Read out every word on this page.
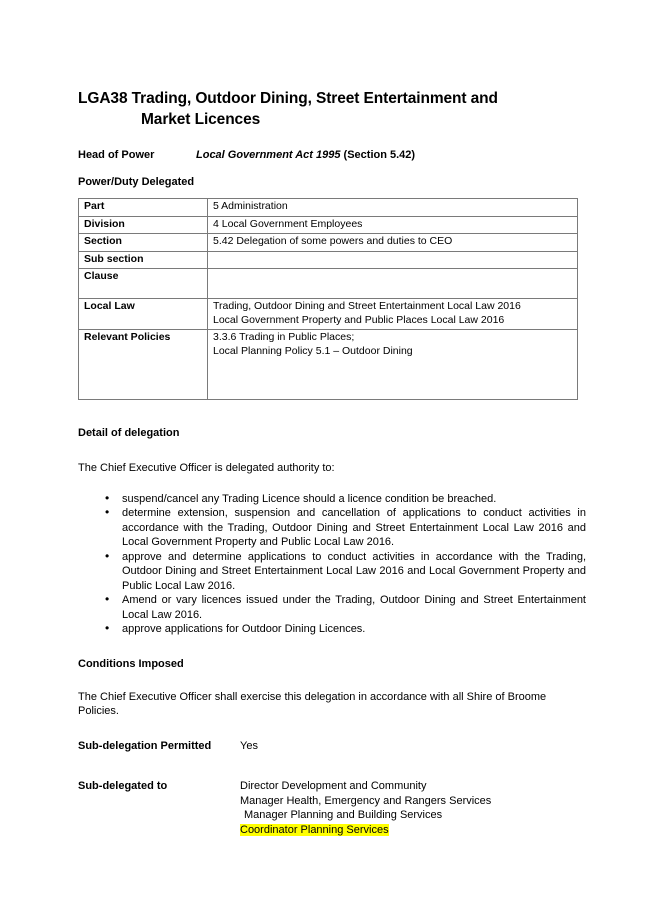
LGA38 Trading, Outdoor Dining, Street Entertainment and
Market Licences
Head of Power	Local Government Act 1995 (Section 5.42)
Power/Duty Delegated
Part	5 Administration

Division	4 Local Government Employees

Section	5.42 Delegation of some powers and duties to CEO

Sub section	

Clause	

Local Law	Trading, Outdoor Dining and Street Entertainment Local Law 2016
Local Government Property and Public Places Local Law 2016

Relevant Policies	3.3.6 Trading in Public Places;
Local Planning Policy 5.1 – Outdoor Dining
Detail of delegation

The Chief Executive Officer is delegated authority to:

• suspend/cancel any Trading Licence should a licence condition be breached.
• determine extension, suspension and cancellation of applications to conduct activities in accordance with the Trading, Outdoor Dining and Street Entertainment Local Law 2016 and Local Government Property and Public Local Law 2016.
• approve and determine applications to conduct activities in accordance with the Trading, Outdoor Dining and Street Entertainment Local Law 2016 and Local Government Property and Public Local Law 2016.
• Amend or vary licences issued under the Trading, Outdoor Dining and Street Entertainment Local Law 2016.
• approve applications for Outdoor Dining Licences.
Conditions Imposed

The Chief Executive Officer shall exercise this delegation in accordance with all Shire of Broome Policies.

Sub-delegation Permitted	Yes
Sub-delegated to	Director Development and Community
Manager Health, Emergency and Rangers Services
Manager Planning and Building Services
Coordinator Planning Services
